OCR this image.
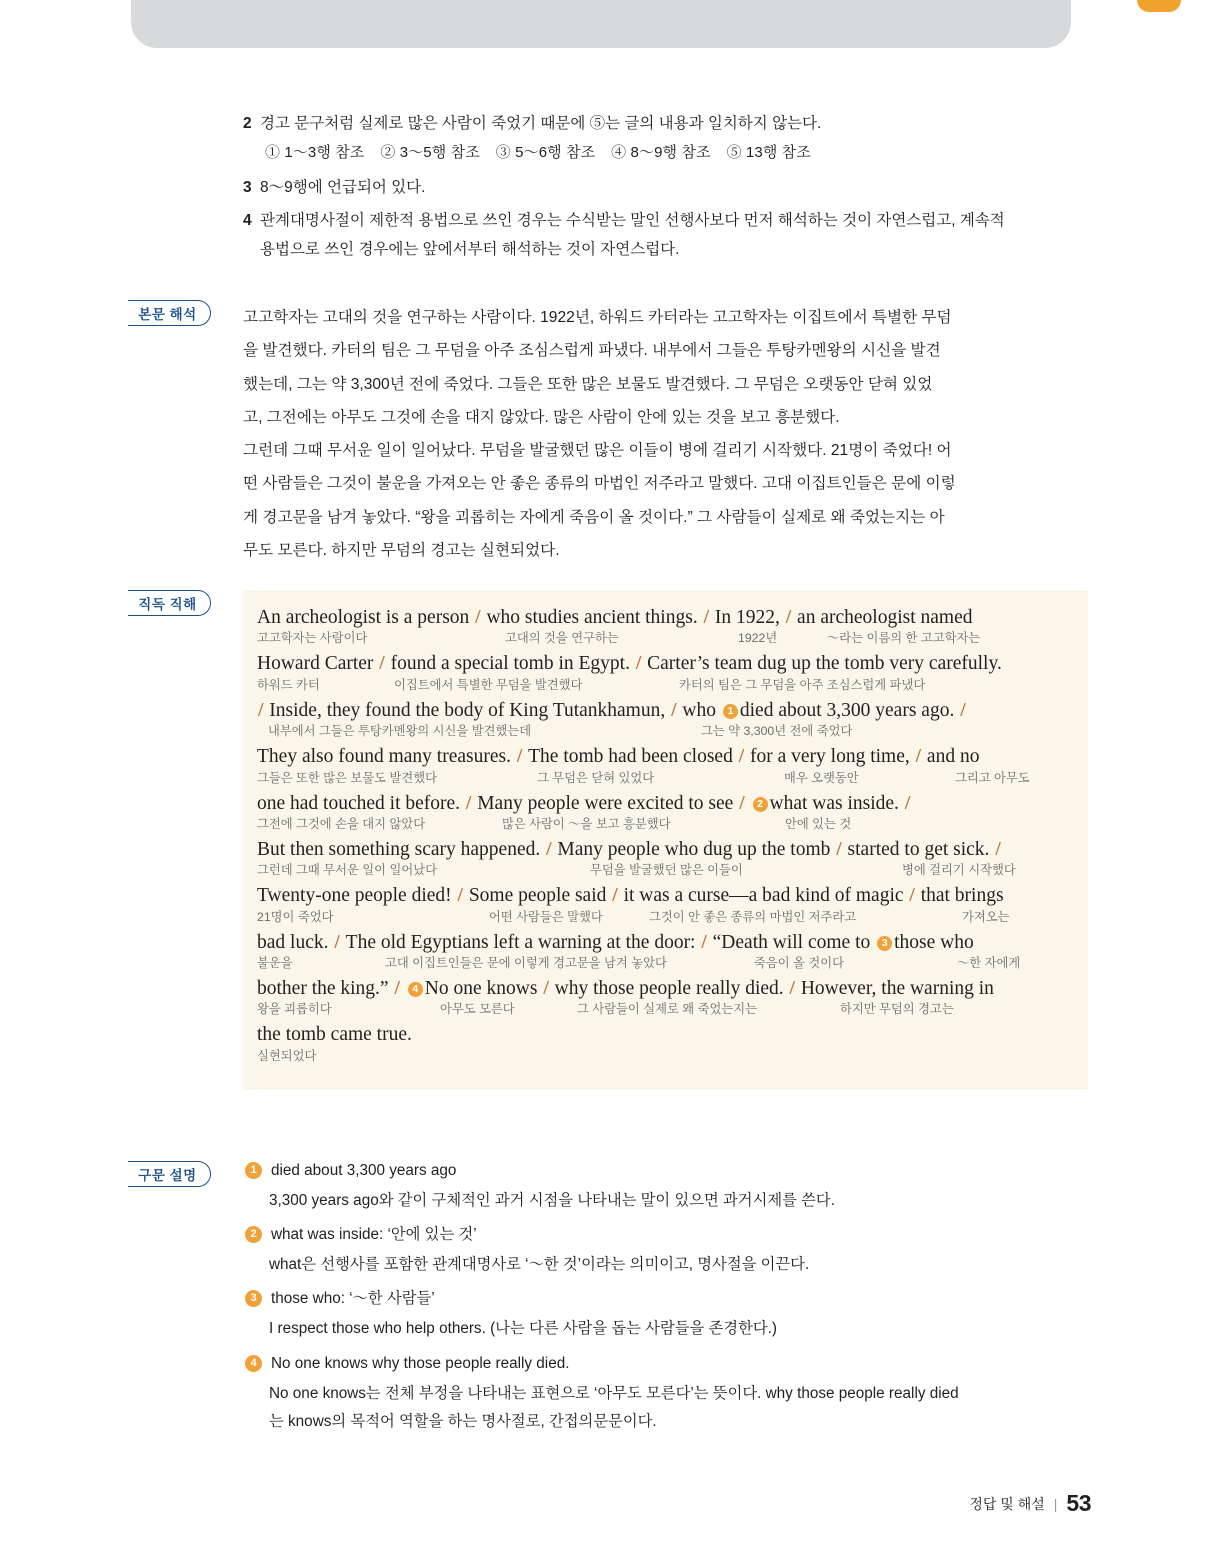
2 경고 문구처럼 실제로 많은 사람이 죽었기 때문에 ⑤는 글의 내용과 일치하지 않는다.
① 1〜3행 참조 ② 3〜5행 참조 ③ 5〜6행 참조 ④ 8〜9행 참조 ⑤ 13행 참조
3 8〜9행에 언급되어 있다.
4 관계대명사절이 제한적 용법으로 쓰인 경우는 수식받는 말인 선행사보다 먼저 해석하는 것이 자연스럽고, 계속적
용법으로 쓰인 경우에는 앞에서부터 해석하는 것이 자연스럽다.
본문 해석	고고학자는 고대의 것을 연구하는 사람이다. 1922년, 하워드 카터라는 고고학자는 이집트에서 특별한 무덤

을 발견했다. 카터의 팀은 그 무덤을 아주 조심스럽게 파냈다. 내부에서 그들은 투탕카멘왕의 시신을 발견

했는데, 그는 약 3,300년 전에 죽었다. 그들은 또한 많은 보물도 발견했다. 그 무덤은 오랫동안 닫혀 있었

고, 그전에는 아무도 그것에 손을 대지 않았다. 많은 사람이 안에 있는 것을 보고 흥분했다.

그런데 그때 무서운 일이 일어났다. 무덤을 발굴했던 많은 이들이 병에 걸리기 시작했다. 21명이 죽었다! 어

떤 사람들은 그것이 불운을 가져오는 안 좋은 종류의 마법인 저주라고 말했다. 고대 이집트인들은 문에 이렇

게 경고문을 남겨 놓았다. “왕을 괴롭히는 자에게 죽음이 올 것이다.” 그 사람들이 실제로 왜 죽었는지는 아

무도 모른다. 하지만 무덤의 경고는 실현되었다.

직독 직해
An archeologist is a person / who studies ancient things. / In 1922, / an archeologist named
고고학자는 사람이다	고대의 것을 연구하는	1922년	〜라는 이름의 한 고고학자는
Howard Carter / found a special tomb in Egypt. / Carter’s team dug up the tomb very carefully.
하워드 카터	이집트에서 특별한 무덤을 발견했다	카터의 팀은 그 무덤을 아주 조심스럽게 파냈다
/ Inside, they found the body of King Tutankhamun, / who 1 died about 3,300 years ago. /
내부에서 그들은 투탕카멘왕의 시신을 발견했는데	그는 약 3,300년 전에 죽었다
They also found many treasures. / The tomb had been closed / for a very long time, / and no
그들은 또한 많은 보물도 발견했다	그 무덤은 닫혀 있었다	매우 오랫동안	그리고 아무도
one had touched it before. / Many people were excited to see / 2 what was inside. /
그전에 그것에 손을 대지 않았다	많은 사람이 〜을 보고 흥분했다	안에 있는 것
But then something scary happened. / Many people who dug up the tomb / started to get sick. /
그런데 그때 무서운 일이 일어났다	무덤을 발굴했던 많은 이들이	병에 걸리기 시작했다
Twenty-one people died! / Some people said / it was a curse—a bad kind of magic / that brings
21명이 죽었다	어떤 사람들은 말했다	그것이 안 좋은 종류의 마법인 저주라고	가져오는
bad luck. / The old Egyptians left a warning at the door: / “Death will come to 3 those who
불운을	고대 이집트인들은 문에 이렇게 경고문을 남겨 놓았다	죽음이 올 것이다	〜한 자에게
bother the king.” / 4 No one knows / why those people really died. / However, the warning in
왕을 괴롭히다	아무도 모른다	그 사람들이 실제로 왜 죽었는지는	하지만 무덤의 경고는
the tomb came true.
실현되었다
구문 설명	1 died about 3,300 years ago
3,300 years ago와 같이 구체적인 과거 시점을 나타내는 말이 있으면 과거시제를 쓴다.
2 what was inside: ‘안에 있는 것’
what은 선행사를 포함한 관계대명사로 ‘〜한 것’이라는 의미이고, 명사절을 이끈다.
3 those who: ‘〜한 사람들’
I respect those who help others. (나는 다른 사람을 돕는 사람들을 존경한다.)
4 No one knows why those people really died.
No one knows는 전체 부정을 나타내는 표현으로 ‘아무도 모른다’는 뜻이다. why those people really died
는 knows의 목적어 역할을 하는 명사절로, 간접의문문이다.
정답 및 해설 | 53
